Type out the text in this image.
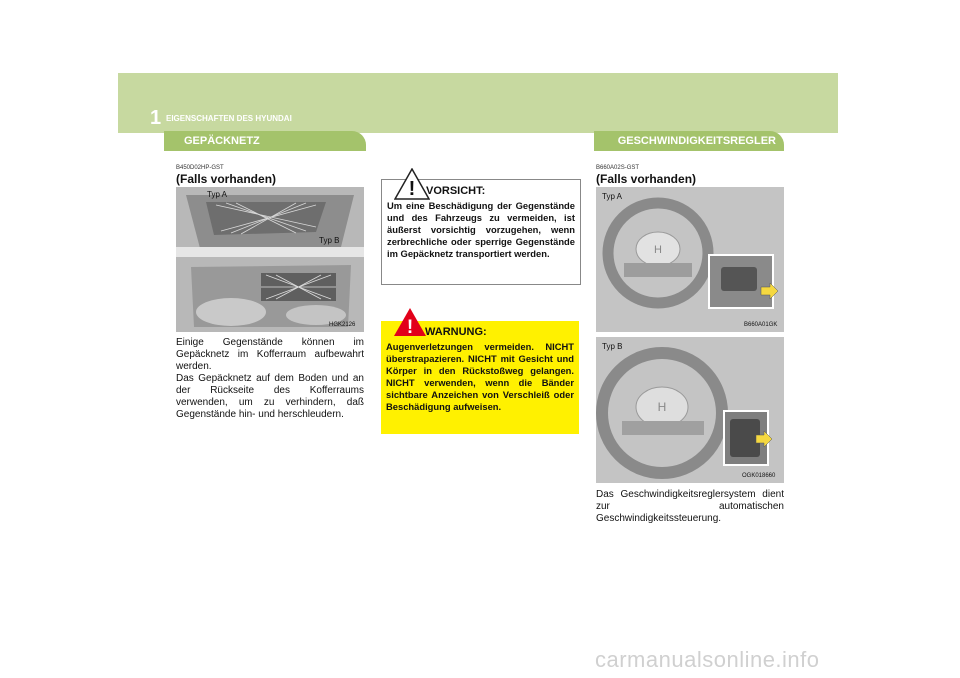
1 EIGENSCHAFTEN DES HYUNDAI
86	GEPÄCKNETZ	GESCHWINDIGKEITSREGLER
B450D02HP-GST
(Falls vorhanden)
Typ A
Typ B
HGK2126
Einige Gegenstände können im Gepäcknetz im Kofferraum aufbewahrt werden.
Das Gepäcknetz auf dem Boden und an der Rückseite des Kofferraums verwenden, um zu verhindern, daß Gegenstände hin- und herschleudern.
! VORSICHT:
Um eine Beschädigung der Gegenstände und des Fahrzeugs zu vermeiden, ist äußerst vorsichtig vorzugehen, wenn zerbrechliche oder sperrige Gegenstände im Gepäcknetz transportiert werden.
! WARNUNG:
Augenverletzungen vermeiden. NICHT überstrapazieren. NICHT mit Gesicht und Körper in den Rückstoßweg gelangen. NICHT verwenden, wenn die Bänder sichtbare Anzeichen von Verschleiß oder Beschädigung aufweisen.
B660A02S-GST
(Falls vorhanden)
H
Typ A
B660A01GK
H
Typ B
OGK018660
Das Geschwindigkeitsreglersystem dient zur automatischen Geschwindigkeitssteuerung.
carmanualsonline.info
